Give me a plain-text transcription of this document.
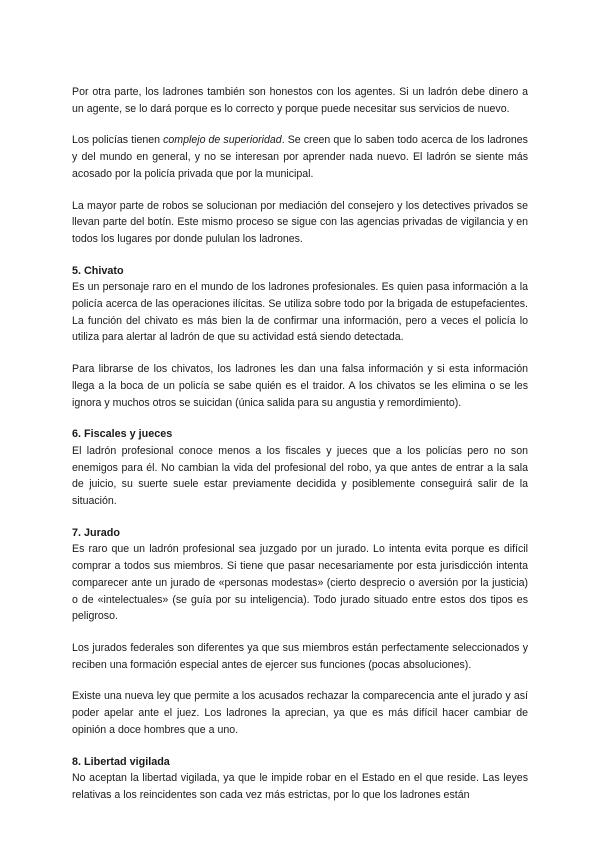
Por otra parte, los ladrones también son honestos con los agentes. Si un ladrón debe dinero a un agente, se lo dará porque es lo correcto y porque puede necesitar sus servicios de nuevo.

Los policías tienen complejo de superioridad. Se creen que lo saben todo acerca de los ladrones y del mundo en general, y no se interesan por aprender nada nuevo. El ladrón se siente más acosado por la policía privada que por la municipal.

La mayor parte de robos se solucionan por mediación del consejero y los detectives privados se llevan parte del botín. Este mismo proceso se sigue con las agencias privadas de vigilancia y en todos los lugares por donde pululan los ladrones.

5. Chivato

Es un personaje raro en el mundo de los ladrones profesionales. Es quien pasa información a la policía acerca de las operaciones ilícitas. Se utiliza sobre todo por la brigada de estupefacientes. La función del chivato es más bien la de confirmar una información, pero a veces el policía lo utiliza para alertar al ladrón de que su actividad está siendo detectada.

Para librarse de los chivatos, los ladrones les dan una falsa información y si esta información llega a la boca de un policía se sabe quién es el traidor. A los chivatos se les elimina o se les ignora y muchos otros se suicidan (única salida para su angustia y remordimiento).

6. Fiscales y jueces

El ladrón profesional conoce menos a los fiscales y jueces que a los policías pero no son enemigos para él. No cambian la vida del profesional del robo, ya que antes de entrar a la sala de juicio, su suerte suele estar previamente decidida y posiblemente conseguirá salir de la situación.

7. Jurado

Es raro que un ladrón profesional sea juzgado por un jurado. Lo intenta evita porque es difícil comprar a todos sus miembros. Si tiene que pasar necesariamente por esta jurisdicción intenta comparecer ante un jurado de «personas modestas» (cierto desprecio o aversión por la justicia) o de «intelectuales» (se guía por su inteligencia). Todo jurado situado entre estos dos tipos es peligroso.

Los jurados federales son diferentes ya que sus miembros están perfectamente seleccionados y reciben una formación especial antes de ejercer sus funciones (pocas absoluciones).

Existe una nueva ley que permite a los acusados rechazar la comparecencia ante el jurado y así poder apelar ante el juez. Los ladrones la aprecian, ya que es más difícil hacer cambiar de opinión a doce hombres que a uno.

8. Libertad vigilada

No aceptan la libertad vigilada, ya que le impide robar en el Estado en el que reside. Las leyes relativas a los reincidentes son cada vez más estrictas, por lo que los ladrones están
